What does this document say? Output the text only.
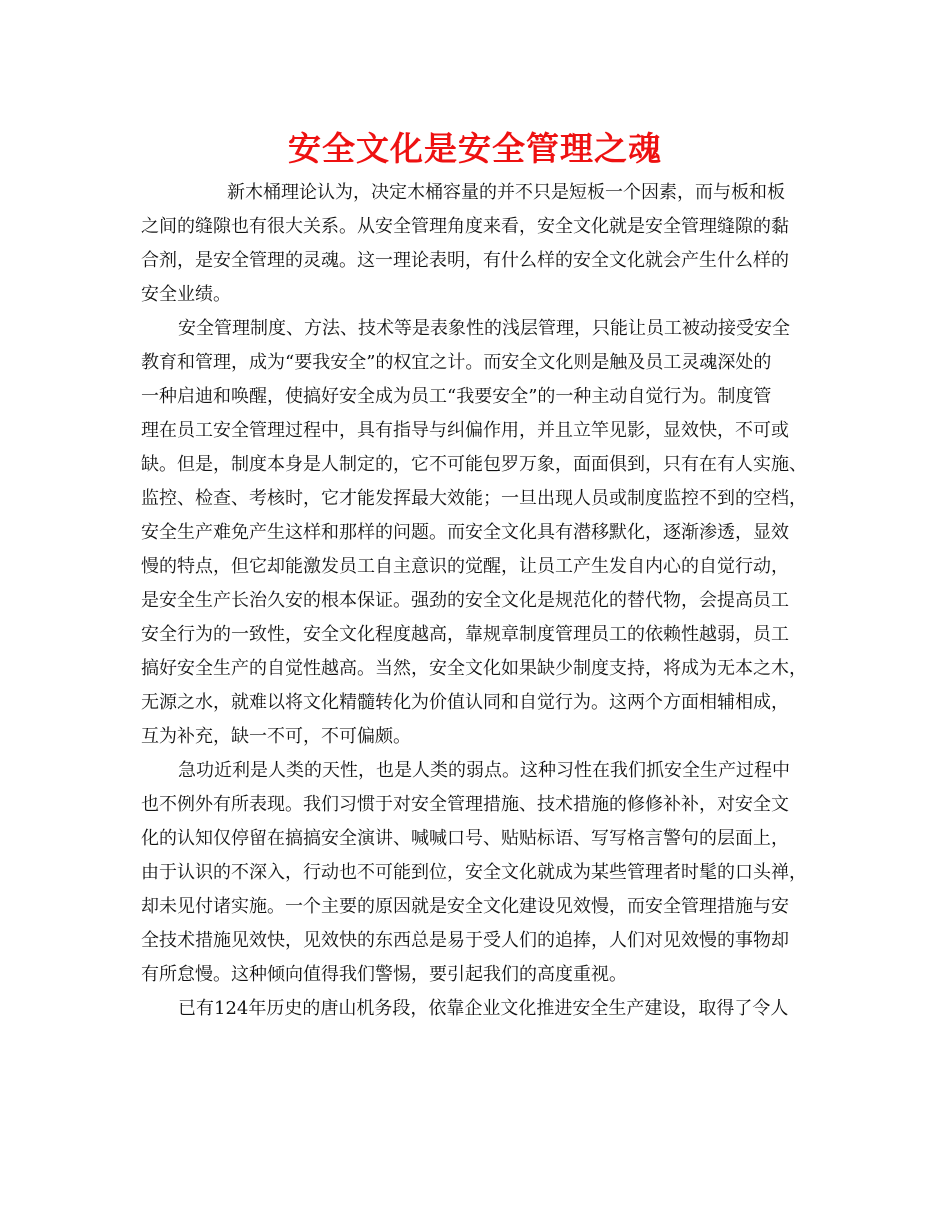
安全文化是安全管理之魂

新木桶理论认为，决定木桶容量的并不只是短板一个因素，而与板和板
之间的缝隙也有很大关系。从安全管理角度来看，安全文化就是安全管理缝隙的黏
合剂，是安全管理的灵魂。这一理论表明，有什么样的安全文化就会产生什么样的
安全业绩。

安全管理制度、方法、技术等是表象性的浅层管理，只能让员工被动接受安全
教育和管理，成为“要我安全”的权宜之计。而安全文化则是触及员工灵魂深处的
一种启迪和唤醒，使搞好安全成为员工“我要安全”的一种主动自觉行为。制度管
理在员工安全管理过程中，具有指导与纠偏作用，并且立竿见影，显效快，不可或
缺。但是，制度本身是人制定的，它不可能包罗万象，面面俱到，只有在有人实施、
监控、检查、考核时，它才能发挥最大效能；一旦出现人员或制度监控不到的空档，
安全生产难免产生这样和那样的问题。而安全文化具有潜移默化，逐渐渗透，显效
慢的特点，但它却能激发员工自主意识的觉醒，让员工产生发自内心的自觉行动，
是安全生产长治久安的根本保证。强劲的安全文化是规范化的替代物，会提高员工
安全行为的一致性，安全文化程度越高，靠规章制度管理员工的依赖性越弱，员工
搞好安全生产的自觉性越高。当然，安全文化如果缺少制度支持，将成为无本之木，
无源之水，就难以将文化精髓转化为价值认同和自觉行为。这两个方面相辅相成，
互为补充，缺一不可，不可偏颇。

急功近利是人类的天性，也是人类的弱点。这种习性在我们抓安全生产过程中
也不例外有所表现。我们习惯于对安全管理措施、技术措施的修修补补，对安全文
化的认知仅停留在搞搞安全演讲、喊喊口号、贴贴标语、写写格言警句的层面上，
由于认识的不深入，行动也不可能到位，安全文化就成为某些管理者时髦的口头禅，
却未见付诸实施。一个主要的原因就是安全文化建设见效慢，而安全管理措施与安
全技术措施见效快，见效快的东西总是易于受人们的追捧，人们对见效慢的事物却
有所怠慢。这种倾向值得我们警惕，要引起我们的高度重视。

已有124年历史的唐山机务段，依靠企业文化推进安全生产建设，取得了令人
